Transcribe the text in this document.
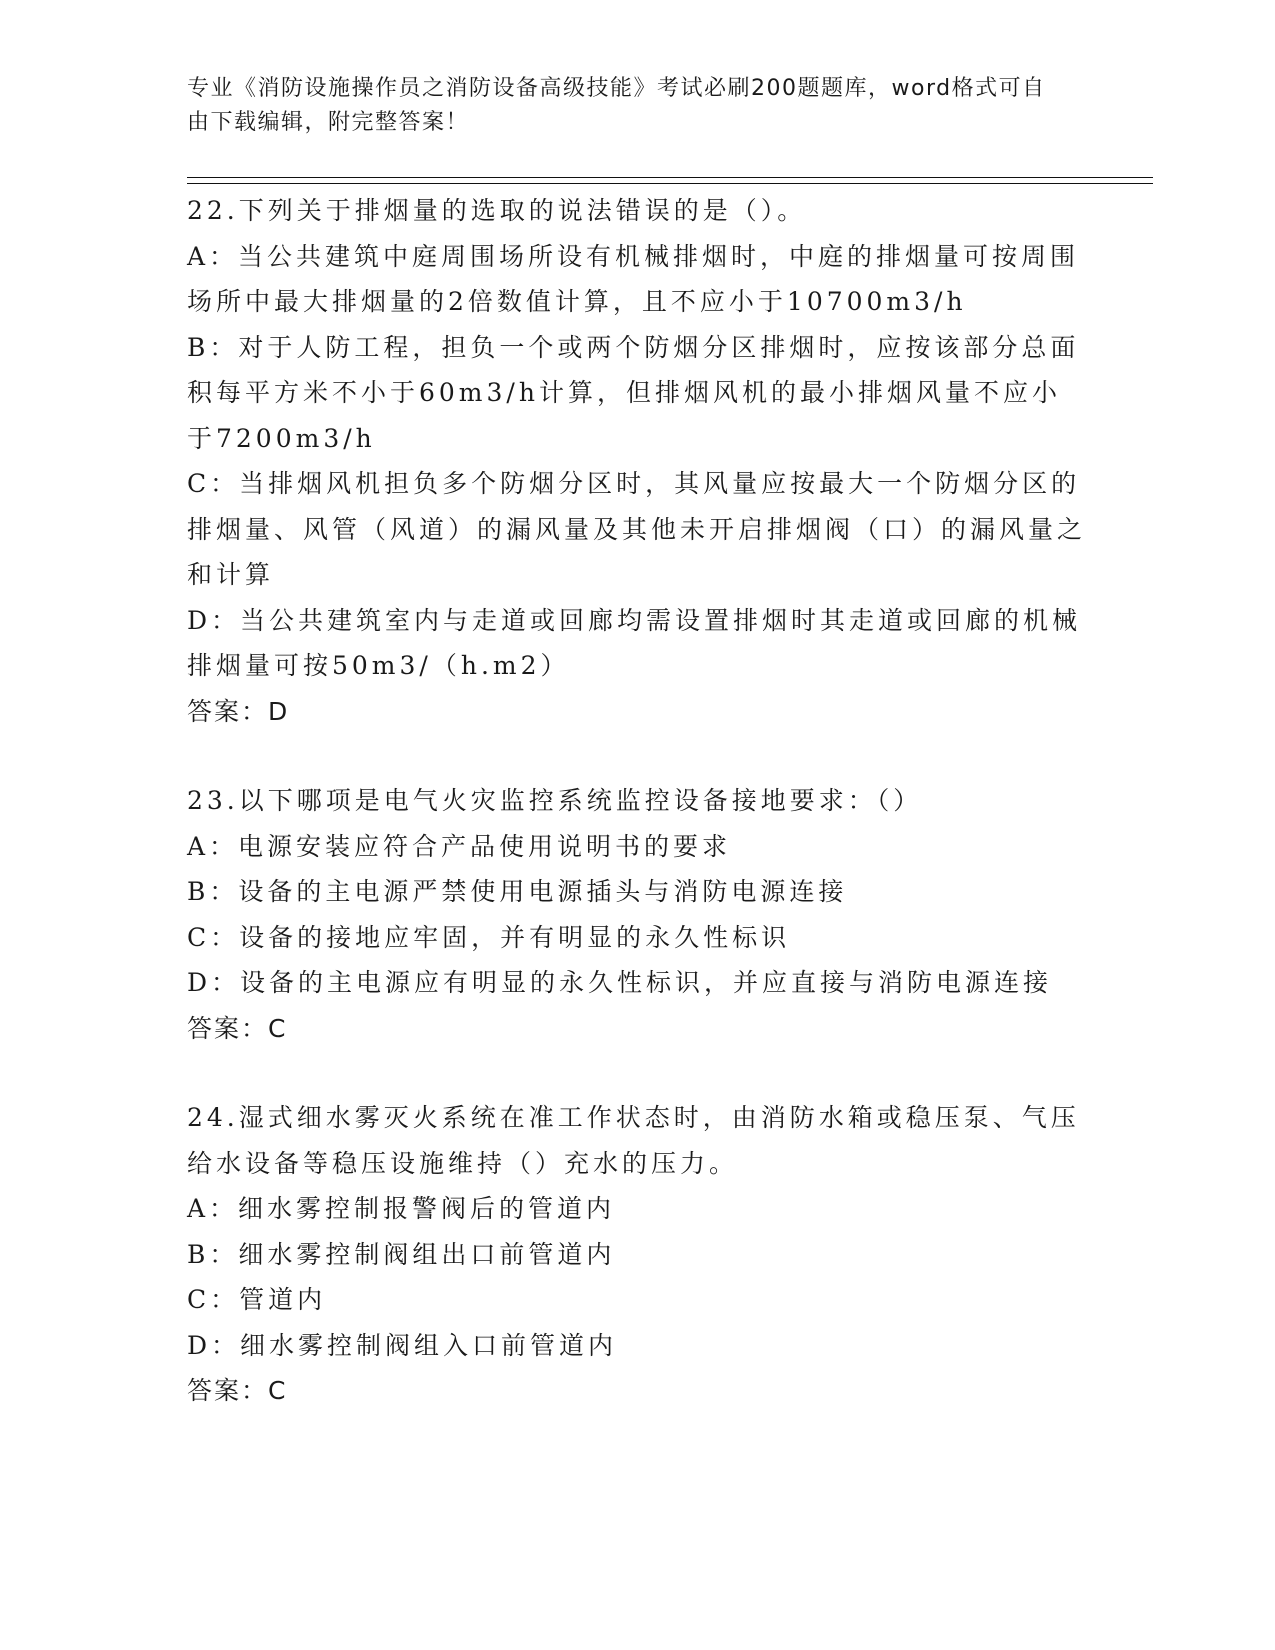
专业《消防设施操作员之消防设备高级技能》考试必刷200题题库，word格式可自由下载编辑，附完整答案！
22.下列关于排烟量的选取的说法错误的是（）。
A：当公共建筑中庭周围场所设有机械排烟时，中庭的排烟量可按周围场所中最大排烟量的2倍数值计算，且不应小于10700m3/h
B：对于人防工程，担负一个或两个防烟分区排烟时，应按该部分总面积每平方米不小于60m3/h计算，但排烟风机的最小排烟风量不应小于7200m3/h
C：当排烟风机担负多个防烟分区时，其风量应按最大一个防烟分区的排烟量、风管（风道）的漏风量及其他未开启排烟阀（口）的漏风量之和计算
D：当公共建筑室内与走道或回廊均需设置排烟时其走道或回廊的机械排烟量可按50m3/（h.m2）
答案：D
23.以下哪项是电气火灾监控系统监控设备接地要求：（）
A：电源安装应符合产品使用说明书的要求
B：设备的主电源严禁使用电源插头与消防电源连接
C：设备的接地应牢固，并有明显的永久性标识
D：设备的主电源应有明显的永久性标识，并应直接与消防电源连接
答案：C
24.湿式细水雾灭火系统在准工作状态时，由消防水箱或稳压泵、气压给水设备等稳压设施维持（）充水的压力。
A：细水雾控制报警阀后的管道内
B：细水雾控制阀组出口前管道内
C：管道内
D：细水雾控制阀组入口前管道内
答案：C
